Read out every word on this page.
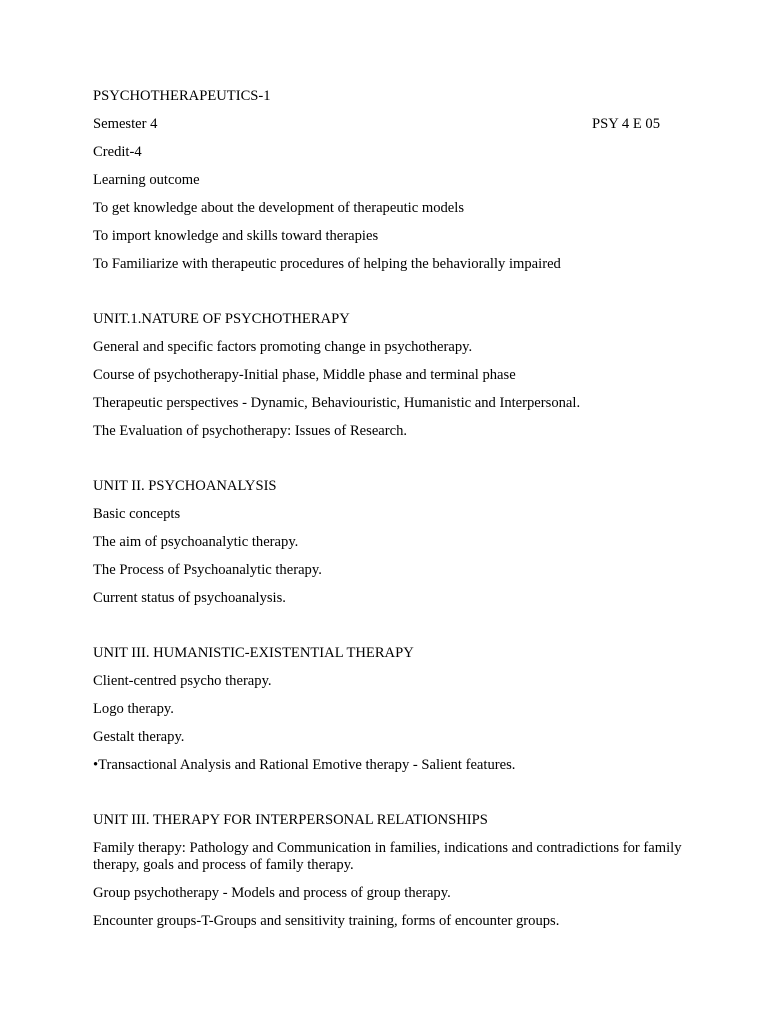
PSYCHOTHERAPEUTICS-1

Semester 4	PSY 4 E 05

Credit-4

Learning outcome

To get knowledge about the development of therapeutic models

To import knowledge and skills toward therapies

To Familiarize with therapeutic procedures of helping the behaviorally impaired

UNIT.1.NATURE OF PSYCHOTHERAPY

General and specific factors promoting change in psychotherapy.

Course of psychotherapy-Initial phase, Middle phase and terminal phase

Therapeutic perspectives - Dynamic, Behaviouristic, Humanistic and Interpersonal.

The Evaluation of psychotherapy: Issues of Research.

UNIT II. PSYCHOANALYSIS

Basic concepts

The aim of psychoanalytic therapy.

The Process of Psychoanalytic therapy.

Current status of psychoanalysis.

UNIT III. HUMANISTIC-EXISTENTIAL THERAPY

Client-centred psycho therapy.

Logo therapy.

Gestalt therapy.

•Transactional Analysis and Rational Emotive therapy - Salient features.

UNIT III. THERAPY FOR INTERPERSONAL RELATIONSHIPS

Family therapy: Pathology and Communication in families, indications and contradictions for family therapy, goals and process of family therapy.

Group psychotherapy - Models and process of group therapy.

Encounter groups-T-Groups and sensitivity training, forms of encounter groups.
